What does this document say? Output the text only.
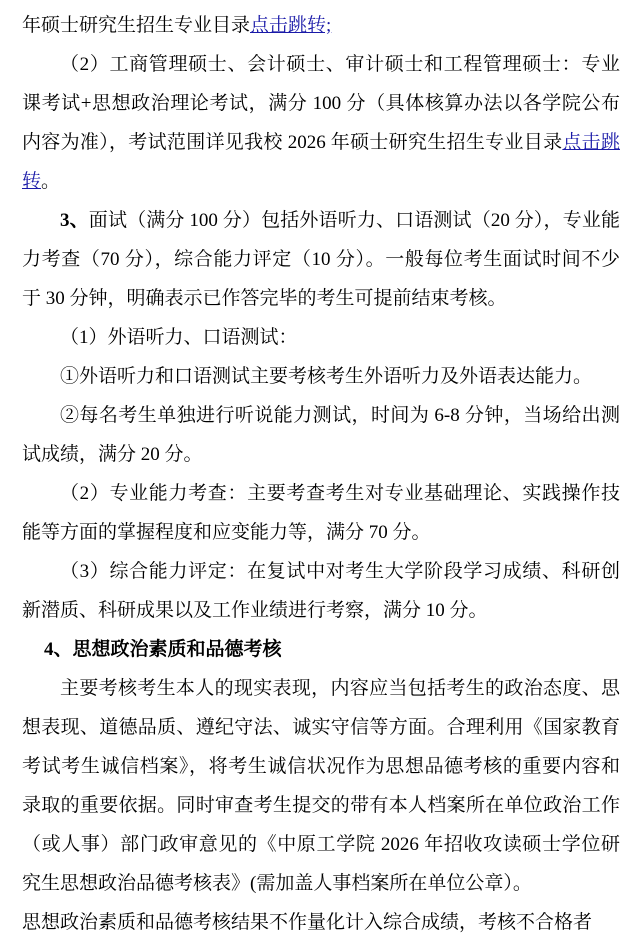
年硕士研究生招生专业目录点击跳转;

（2）工商管理硕士、会计硕士、审计硕士和工程管理硕士：专业课考试+思想政治理论考试，满分 100 分（具体核算办法以各学院公布内容为准），考试范围详见我校 2026 年硕士研究生招生专业目录点击跳转。

3、面试（满分 100 分）包括外语听力、口语测试（20 分），专业能力考查（70 分），综合能力评定（10 分）。一般每位考生面试时间不少于 30 分钟，明确表示已作答完毕的考生可提前结束考核。

（1）外语听力、口语测试：

①外语听力和口语测试主要考核考生外语听力及外语表达能力。

②每名考生单独进行听说能力测试，时间为 6-8 分钟，当场给出测试成绩，满分 20 分。

（2）专业能力考查：主要考查考生对专业基础理论、实践操作技能等方面的掌握程度和应变能力等，满分 70 分。

（3）综合能力评定：在复试中对考生大学阶段学习成绩、科研创新潜质、科研成果以及工作业绩进行考察，满分 10 分。

4、思想政治素质和品德考核

主要考核考生本人的现实表现，内容应当包括考生的政治态度、思想表现、道德品质、遵纪守法、诚实守信等方面。合理利用《国家教育考试考生诚信档案》，将考生诚信状况作为思想品德考核的重要内容和录取的重要依据。同时审查考生提交的带有本人档案所在单位政治工作（或人事）部门政审意见的《中原工学院 2026 年招收攻读硕士学位研究生思想政治品德考核表》(需加盖人事档案所在单位公章）。

思想政治素质和品德考核结果不作量化计入综合成绩，考核不合格者
